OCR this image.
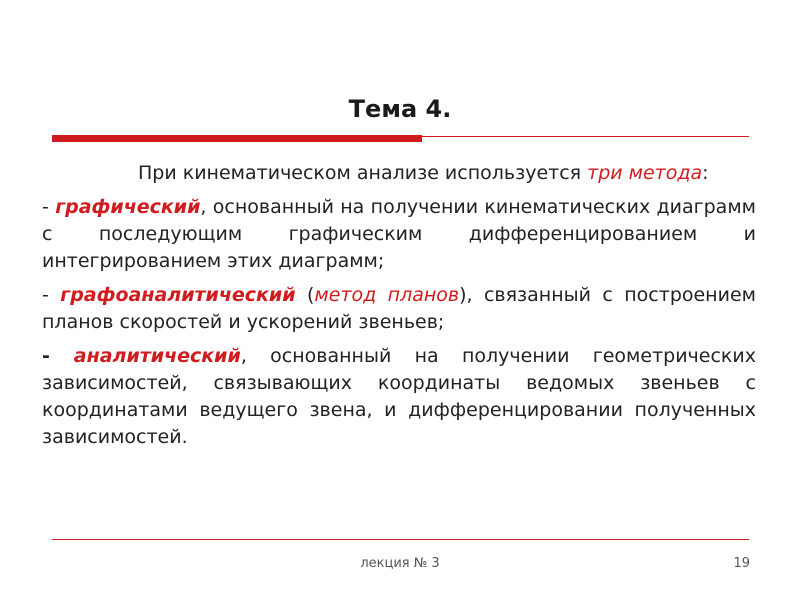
Тема 4.

При кинематическом анализе используется три метода:

- графический, основанный на получении кинематических диаграмм с последующим графическим дифференцированием и интегрированием этих диаграмм;

- графоаналитический (метод планов), связанный с построением планов скоростей и ускорений звеньев;

- аналитический, основанный на получении геометрических зависимостей, связывающих координаты ведомых звеньев с координатами ведущего звена, и дифференцировании полученных зависимостей.

лекция № 3	19
